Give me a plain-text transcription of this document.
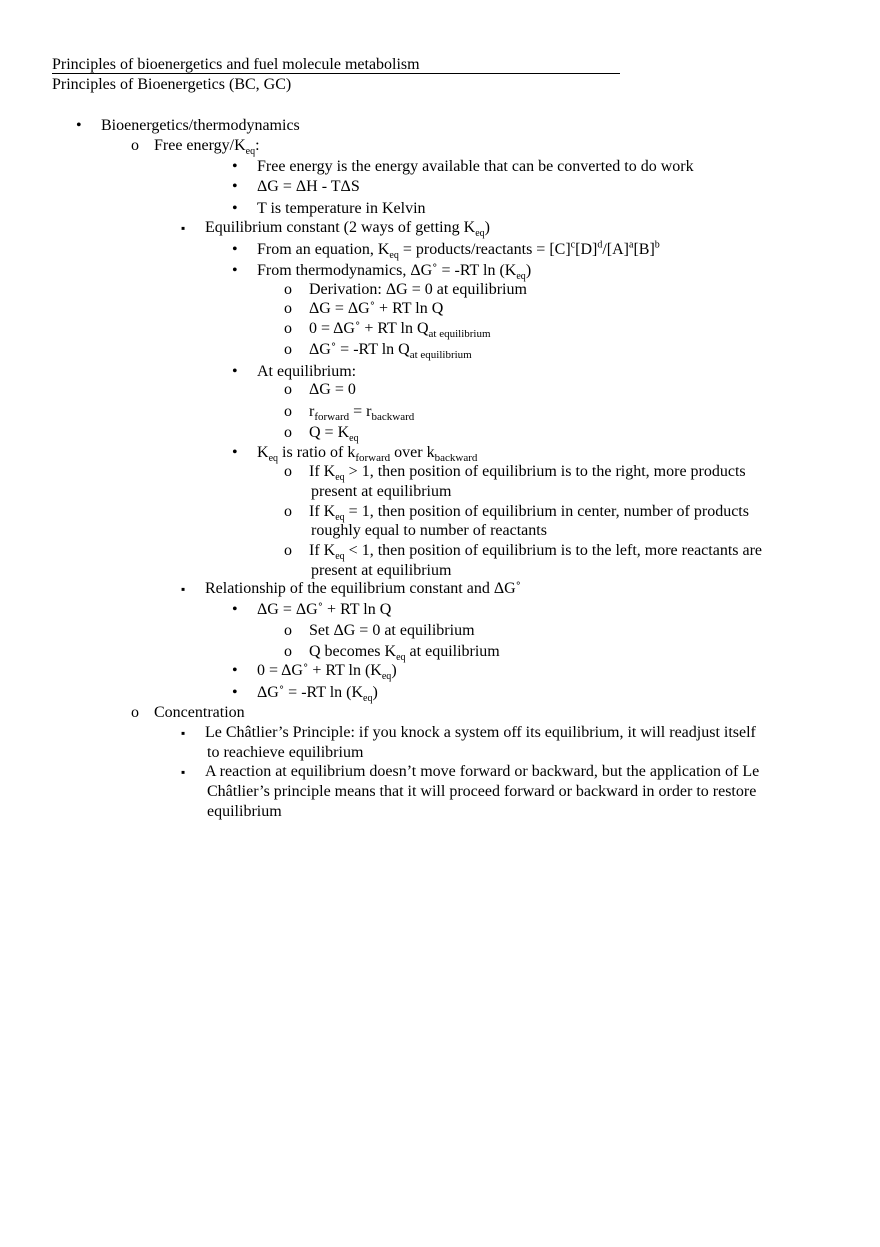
Principles of bioenergetics and fuel molecule metabolism
Principles of Bioenergetics (BC, GC)
• Bioenergetics/thermodynamics
o Free energy/$K_{eq}$:
• Free energy is the energy available that can be converted to do work
• ΔG = ΔH - TΔS
• T is temperature in Kelvin
▪ Equilibrium constant (2 ways of getting $K_{eq}$)
• From an equation, $K_{eq}$ = products/reactants = $[C]^c[D]^d/[A]^a[B]^b$
• From thermodynamics, ΔG˚ = -RT $\ln (K_{eq})$
o Derivation: ΔG = 0 at equilibrium
o ΔG = ΔG˚ + RT ln Q
o 0 = ΔG˚ + RT $\ln Q_{at equilibrium}$
o ΔG˚ = -RT $\ln Q_{at equilibrium}$
• At equilibrium:
o ΔG = 0
o $r_{forward} = r_{backward}$
o $Q = K_{eq}$
• $K_{eq}$ is ratio of $k_{forward}$ over $k_{backward}$
o If $K_{eq} > 1$, then position of equilibrium is to the right, more products
present at equilibrium
o If $K_{eq} = 1$, then position of equilibrium in center, number of products
roughly equal to number of reactants
o If $K_{eq} < 1$, then position of equilibrium is to the left, more reactants are
present at equilibrium
▪ Relationship of the equilibrium constant and ΔG˚
• ΔG = ΔG˚ + RT ln Q
o Set ΔG = 0 at equilibrium
o Q becomes $K_{eq}$ at equilibrium
• 0 = ΔG˚ + RT $\ln (K_{eq})$
• ΔG˚ = -RT $\ln (K_{eq})$
o Concentration
▪ Le Châtlier’s Principle: if you knock a system off its equilibrium, it will readjust itself
to reachieve equilibrium
▪ A reaction at equilibrium doesn’t move forward or backward, but the application of Le
Châtlier’s principle means that it will proceed forward or backward in order to restore
equilibrium
